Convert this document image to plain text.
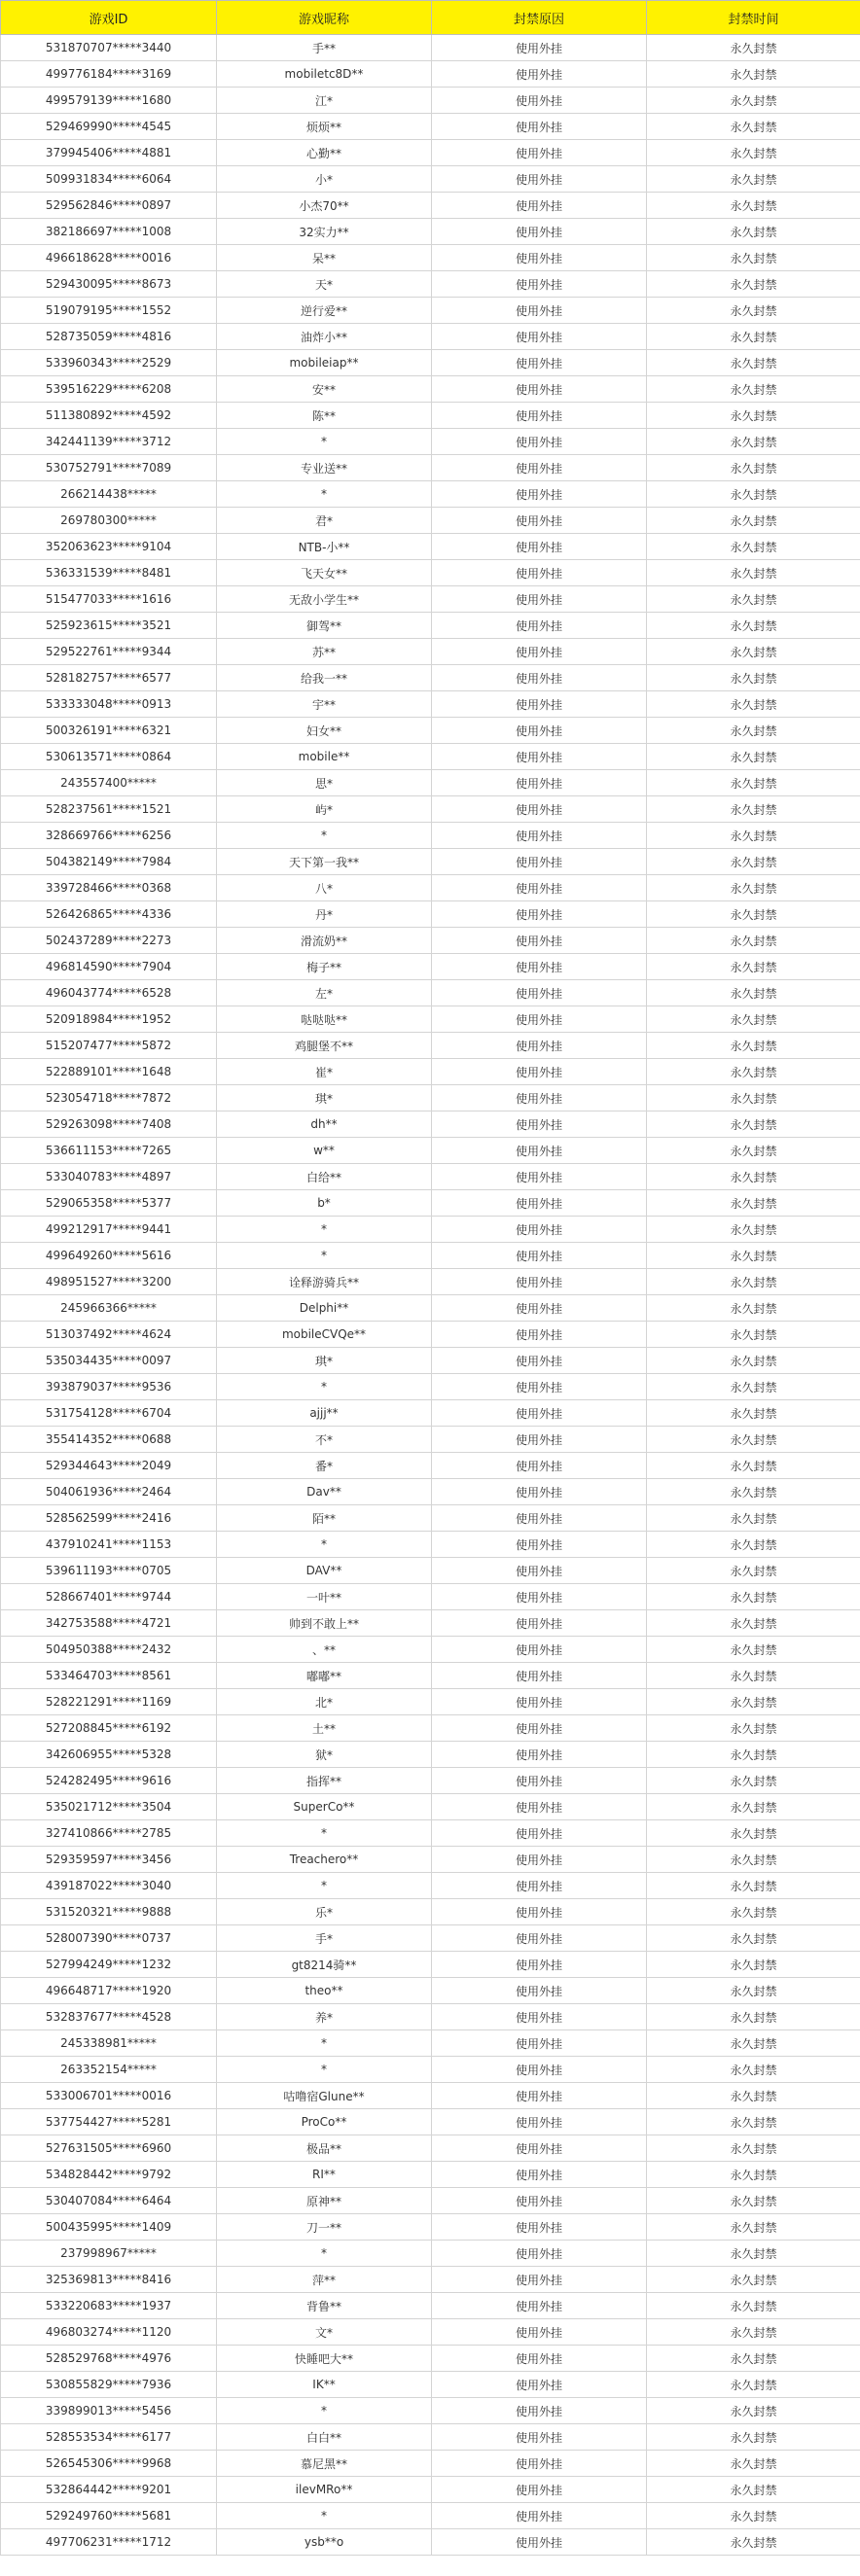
游戏ID	游戏昵称	封禁原因	封禁时间
531870707*****3440	手**	使用外挂	永久封禁
499776184*****3169	mobiletc8D**	使用外挂	永久封禁
499579139*****1680	江*	使用外挂	永久封禁
529469990*****4545	烦烦**	使用外挂	永久封禁
379945406*****4881	心勤**	使用外挂	永久封禁
509931834*****6064	小*	使用外挂	永久封禁
529562846*****0897	小杰70**	使用外挂	永久封禁
382186697*****1008	32实力**	使用外挂	永久封禁
496618628*****0016	呆**	使用外挂	永久封禁
529430095*****8673	天*	使用外挂	永久封禁
519079195*****1552	逆行爱**	使用外挂	永久封禁
528735059*****4816	油炸小**	使用外挂	永久封禁
533960343*****2529	mobileiap**	使用外挂	永久封禁
539516229*****6208	安**	使用外挂	永久封禁
511380892*****4592	陈**	使用外挂	永久封禁
342441139*****3712	*	使用外挂	永久封禁
530752791*****7089	专业送**	使用外挂	永久封禁
266214438*****	*	使用外挂	永久封禁
269780300*****	君*	使用外挂	永久封禁
352063623*****9104	NTB-小**	使用外挂	永久封禁
536331539*****8481	飞天女**	使用外挂	永久封禁
515477033*****1616	无敌小学生**	使用外挂	永久封禁
525923615*****3521	御驾**	使用外挂	永久封禁
529522761*****9344	苏**	使用外挂	永久封禁
528182757*****6577	给我一**	使用外挂	永久封禁
533333048*****0913	宇**	使用外挂	永久封禁
500326191*****6321	妇女**	使用外挂	永久封禁
530613571*****0864	mobile**	使用外挂	永久封禁
243557400*****	思*	使用外挂	永久封禁
528237561*****1521	屿*	使用外挂	永久封禁
328669766*****6256	*	使用外挂	永久封禁
504382149*****7984	天下第一我**	使用外挂	永久封禁
339728466*****0368	八*	使用外挂	永久封禁
526426865*****4336	丹*	使用外挂	永久封禁
502437289*****2273	滑流奶**	使用外挂	永久封禁
496814590*****7904	梅子**	使用外挂	永久封禁
496043774*****6528	左*	使用外挂	永久封禁
520918984*****1952	哒哒哒**	使用外挂	永久封禁
515207477*****5872	鸡腿堡不**	使用外挂	永久封禁
522889101*****1648	崔*	使用外挂	永久封禁
523054718*****7872	琪*	使用外挂	永久封禁
529263098*****7408	dh**	使用外挂	永久封禁
536611153*****7265	w**	使用外挂	永久封禁
533040783*****4897	白给**	使用外挂	永久封禁
529065358*****5377	b*	使用外挂	永久封禁
499212917*****9441	*	使用外挂	永久封禁
499649260*****5616	*	使用外挂	永久封禁
498951527*****3200	诠释游骑兵**	使用外挂	永久封禁
245966366*****	Delphi**	使用外挂	永久封禁
513037492*****4624	mobileCVQe**	使用外挂	永久封禁
535034435*****0097	琪*	使用外挂	永久封禁
393879037*****9536	*	使用外挂	永久封禁
531754128*****6704	ajjj**	使用外挂	永久封禁
355414352*****0688	不*	使用外挂	永久封禁
529344643*****2049	番*	使用外挂	永久封禁
504061936*****2464	Dav**	使用外挂	永久封禁
528562599*****2416	陌**	使用外挂	永久封禁
437910241*****1153	*	使用外挂	永久封禁
539611193*****0705	DAV**	使用外挂	永久封禁
528667401*****9744	一叶**	使用外挂	永久封禁
342753588*****4721	帅到不敢上**	使用外挂	永久封禁
504950388*****2432	、**	使用外挂	永久封禁
533464703*****8561	嘟嘟**	使用外挂	永久封禁
528221291*****1169	北*	使用外挂	永久封禁
527208845*****6192	土**	使用外挂	永久封禁
342606955*****5328	狱*	使用外挂	永久封禁
524282495*****9616	指挥**	使用外挂	永久封禁
535021712*****3504	SuperCo**	使用外挂	永久封禁
327410866*****2785	*	使用外挂	永久封禁
529359597*****3456	Treachero**	使用外挂	永久封禁
439187022*****3040	*	使用外挂	永久封禁
531520321*****9888	乐*	使用外挂	永久封禁
528007390*****0737	手*	使用外挂	永久封禁
527994249*****1232	gt8214骑**	使用外挂	永久封禁
496648717*****1920	theo**	使用外挂	永久封禁
532837677*****4528	养*	使用外挂	永久封禁
245338981*****	*	使用外挂	永久封禁
263352154*****	*	使用外挂	永久封禁
533006701*****0016	咕噜宿Glune**	使用外挂	永久封禁
537754427*****5281	ProCo**	使用外挂	永久封禁
527631505*****6960	极品**	使用外挂	永久封禁
534828442*****9792	RI**	使用外挂	永久封禁
530407084*****6464	原神**	使用外挂	永久封禁
500435995*****1409	刀一**	使用外挂	永久封禁
237998967*****	*	使用外挂	永久封禁
325369813*****8416	萍**	使用外挂	永久封禁
533220683*****1937	背鲁**	使用外挂	永久封禁
496803274*****1120	文*	使用外挂	永久封禁
528529768*****4976	快睡吧大**	使用外挂	永久封禁
530855829*****7936	IK**	使用外挂	永久封禁
339899013*****5456	*	使用外挂	永久封禁
528553534*****6177	白白**	使用外挂	永久封禁
526545306*****9968	慕尼黑**	使用外挂	永久封禁
532864442*****9201	ilevMRo**	使用外挂	永久封禁
529249760*****5681	*	使用外挂	永久封禁
497706231*****1712	ysb**o	使用外挂	永久封禁
